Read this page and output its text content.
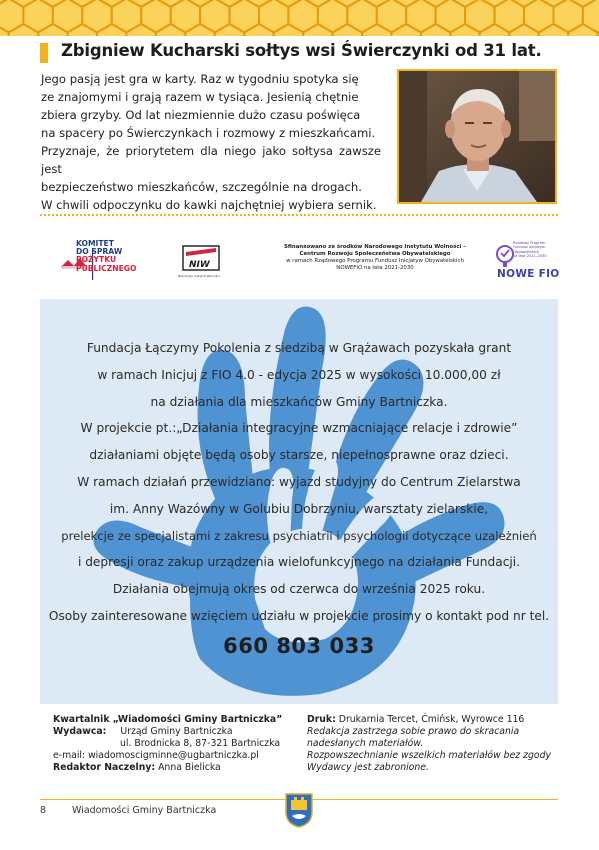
Zbigniew Kucharski sołtys wsi Świerczynki od 31 lat.
Jego pasją jest gra w karty. Raz w tygodniu spotyka się
ze znajomymi i grają razem w tysiąca. Jesienią chętnie
zbiera grzyby. Od lat niezmiennie dużo czasu poświęca
na spacery po Świerczynkach i rozmowy z mieszkańcami.
Przyznaje, że priorytetem dla niego jako sołtysa zawsze jest
bezpieczeństwo mieszkańców, szczególnie na drogach.
W chwili odpoczynku do kawki najchętniej wybiera sernik.
KOMITET
DO SPRAW
POŻYTKU
PUBLICZNEGO	NIW
Narodowy Instytut Wolności
Sfinansowano ze środków Narodowego Instytutu Wolności –
Centrum Rozwoju Społeczeństwa Obywatelskiego
w ramach Rządowego Programu Fundusz Inicjatyw Obywatelskich
NOWEFIO na lata 2021-2030
Rządowy Program
Fundusz Inicjatyw
Obywatelskich
na lata 2021–2030
NOWE FIO

Fundacja Łączymy Pokolenia z siedzibą w Grążawach pozyskała grant

w ramach Inicjuj z FIO 4.0 - edycja 2025 w wysokości 10.000,00 zł

na działania dla mieszkańców Gminy Bartniczka.

W projekcie pt.:„Działania integracyjne wzmacniające relacje i zdrowie”

działaniami objęte będą osoby starsze, niepełnosprawne oraz dzieci.

W ramach działań przewidziano: wyjazd studyjny do Centrum Zielarstwa

im. Anny Wazówny w Golubiu Dobrzyniu, warsztaty zielarskie,

prelekcje ze specjalistami z zakresu psychiatrii i psychologii dotyczące uzależnień

i depresji oraz zakup urządzenia wielofunkcyjnego na działania Fundacji.

Działania obejmują okres od czerwca do września 2025 roku.

Osoby zainteresowane wzięciem udziału w projekcie prosimy o kontakt pod nr tel.

660 803 033
Kwartalnik „Wiadomości Gminy Bartniczka”
Wydawca: Urząd Gminy Bartniczka
ul. Brodnicka 8, 87-321 Bartniczka
e-mail: wiadomoscigminne@ugbartniczka.pl
Redaktor Naczelny: Anna Bielicka
Druk: Drukarnia Tercet, Ćmińsk, Wyrowce 116
Redakcja zastrzega sobie prawo do skracania
nadesłanych materiałów.
Rozpowszechnianie wszelkich materiałów bez zgody
Wydawcy jest zabronione.
8	Wiadomości Gminy Bartniczka
